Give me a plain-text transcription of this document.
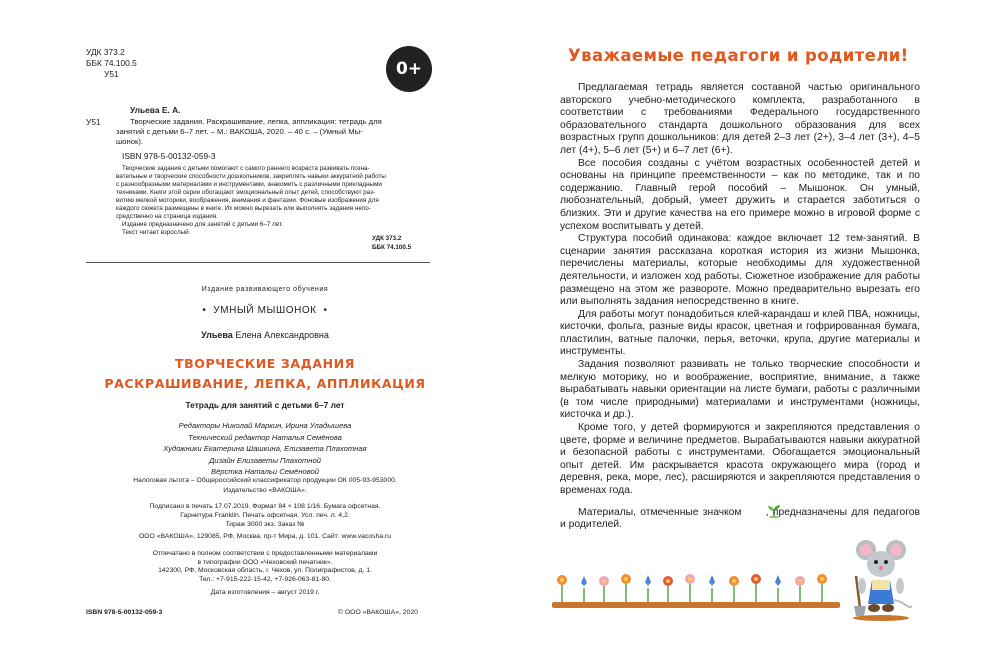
УДК 373.2
ББК 74.100.5
У51	0+
Ульева Е. А.
У51	Творческие задания. Раскрашивание, лепка, аппликация: тетрадь для
занятий с детьми 6–7 лет. – М.: ВАКОША, 2020. – 40 с. – (Умный Мы-
шонок).
ISBN 978-5-00132-059-3
Творческие задания с детьми помогают с самого раннего возраста развивать позна-
вательные и творческие способности дошкольников, закреплять навыки аккуратной работы
с разнообразными материалами и инструментами, знакомить с различными прикладными
техниками. Книги этой серии обогащают эмоциональный опыт детей, способствуют раз-
витию мелкой моторики, воображения, внимания и фантазии. Фоновые изображения для
каждого сюжета размещены в книге. Их можно вырезать или выполнять задания непо-
средственно на страница издания.
Издание предназначено для занятий с детьми 6–7 лет.
Текст читает взрослый.
УДК 373.2
ББК 74.100.5
Издание развивающего обучения
•  УМНЫЙ МЫШОНОК  •
Ульева Елена Александровна
ТВОРЧЕСКИЕ ЗАДАНИЯ
РАСКРАШИВАНИЕ, ЛЕПКА, АППЛИКАЦИЯ
Тетрадь для занятий с детьми 6–7 лет
Редакторы Николай Маркин, Ирина Уладышева
Технический редактор Наталья Семёнова
Художники Екатерина Шашкина, Елизавета Плахотная
Дизайн Елизаветы Плахотной
Вёрстка Натальи Семёновой
Налоговая льгота – Общероссийский классификатор продукции ОК 005-93-953000.
Издательство «ВАКОША».
Подписано в печать 17.07.2019. Формат 84 × 108 1/16. Бумага офсетная.
Гарнитура Franklin. Печать офсетная. Усл. печ. л. 4,2.
Тираж 3000 экз. Заказ №
ООО «ВАКОША», 129085, РФ, Москва, пр-т Мира, д. 101. Сайт: www.vacosha.ru
Отпечатано в полном соответствии с предоставленными материалами
в типографии ООО «Чеховский печатник».
142300, РФ, Московская область, г. Чехов, ул. Полиграфистов, д. 1.
Тел.: +7-915-222-15-42, +7-926-063-81-80.
Дата изготовления – август 2019 г.
ISBN 978-5-00132-059-3	© ООО «ВАКОША», 2020
Уважаемые педагоги и родители!

Предлагаемая тетрадь является составной частью оригинального авторского учебно-методического комплекта, разработанного в соответствии с требованиями Федерального государственного образовательного стандарта дошкольного образования для всех возрастных групп дошкольников: для детей 2–3 лет (2+), 3–4 лет (3+), 4–5 лет (4+), 5–6 лет (5+) и 6–7 лет (6+).

Все пособия созданы с учётом возрастных особенностей детей и основаны на принципе преемственности – как по методике, так и по содержанию. Главный герой пособий – Мышонок. Он умный, любознательный, добрый, умеет дружить и старается заботиться о близких. Эти и другие качества на его примере можно в игровой форме с успехом воспитывать у детей.

Структура пособий одинакова: каждое включает 12 тем-занятий. В сценарии занятия рассказана короткая история из жизни Мышонка, перечислены материалы, которые необходимы для художественной деятельности, и изложен ход работы. Сюжетное изображение для работы размещено на этом же развороте. Можно предварительно вырезать его или выполнять задания непосредственно в книге.

Для работы могут понадобиться клей-карандаш и клей ПВА, ножницы, кисточки, фольга, разные виды красок, цветная и гофрированная бумага, пластилин, ватные палочки, перья, веточки, крупа, другие материалы и инструменты.

Задания позволяют развивать не только творческие способности и мелкую моторику, но и воображение, восприятие, внимание, а также вырабатывать навыки ориентации на листе бумаги, работы с различными (в том числе природными) материалами и инструментами (ножницы, кисточка и др.).

Кроме того, у детей формируются и закрепляются представления о цвете, форме и величине предметов. Вырабатываются навыки аккуратной и безопасной работы с инструментами. Обогащается эмоциональный опыт детей. Им раскрывается красота окружающего мира (город и деревня, река, море, лес), расширяются и закрепляются представления о временах года.

Материалы, отмеченные значком , предназначены для педагогов и родителей.
